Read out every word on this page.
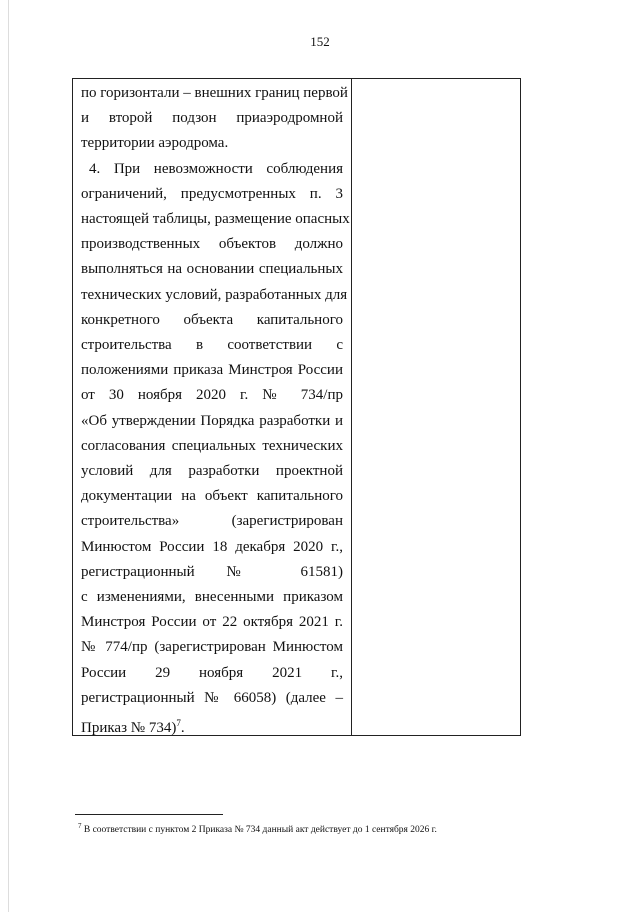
152
по горизонтали – внешних границ первой
и второй подзон приаэродромной
территории аэродрома.
4. При невозможности соблюдения
ограничений, предусмотренных п. 3
настоящей таблицы, размещение опасных
производственных объектов должно
выполняться на основании специальных
технических условий, разработанных для
конкретного объекта капитального
строительства в соответствии с
положениями приказа Минстроя России
от 30 ноября 2020 г. № 734/пр
«Об утверждении Порядка разработки и
согласования специальных технических
условий для разработки проектной
документации на объект капитального
строительства» (зарегистрирован
Минюстом России 18 декабря 2020 г.,
регистрационный № 61581)
с изменениями, внесенными приказом
Минстроя России от 22 октября 2021 г.
№ 774/пр (зарегистрирован Минюстом
России 29 ноября 2021 г.,
регистрационный № 66058) (далее –
Приказ № 734)$^7$.
$^7$ В соответствии с пунктом 2 Приказа № 734 данный акт действует до 1 сентября 2026 г.
